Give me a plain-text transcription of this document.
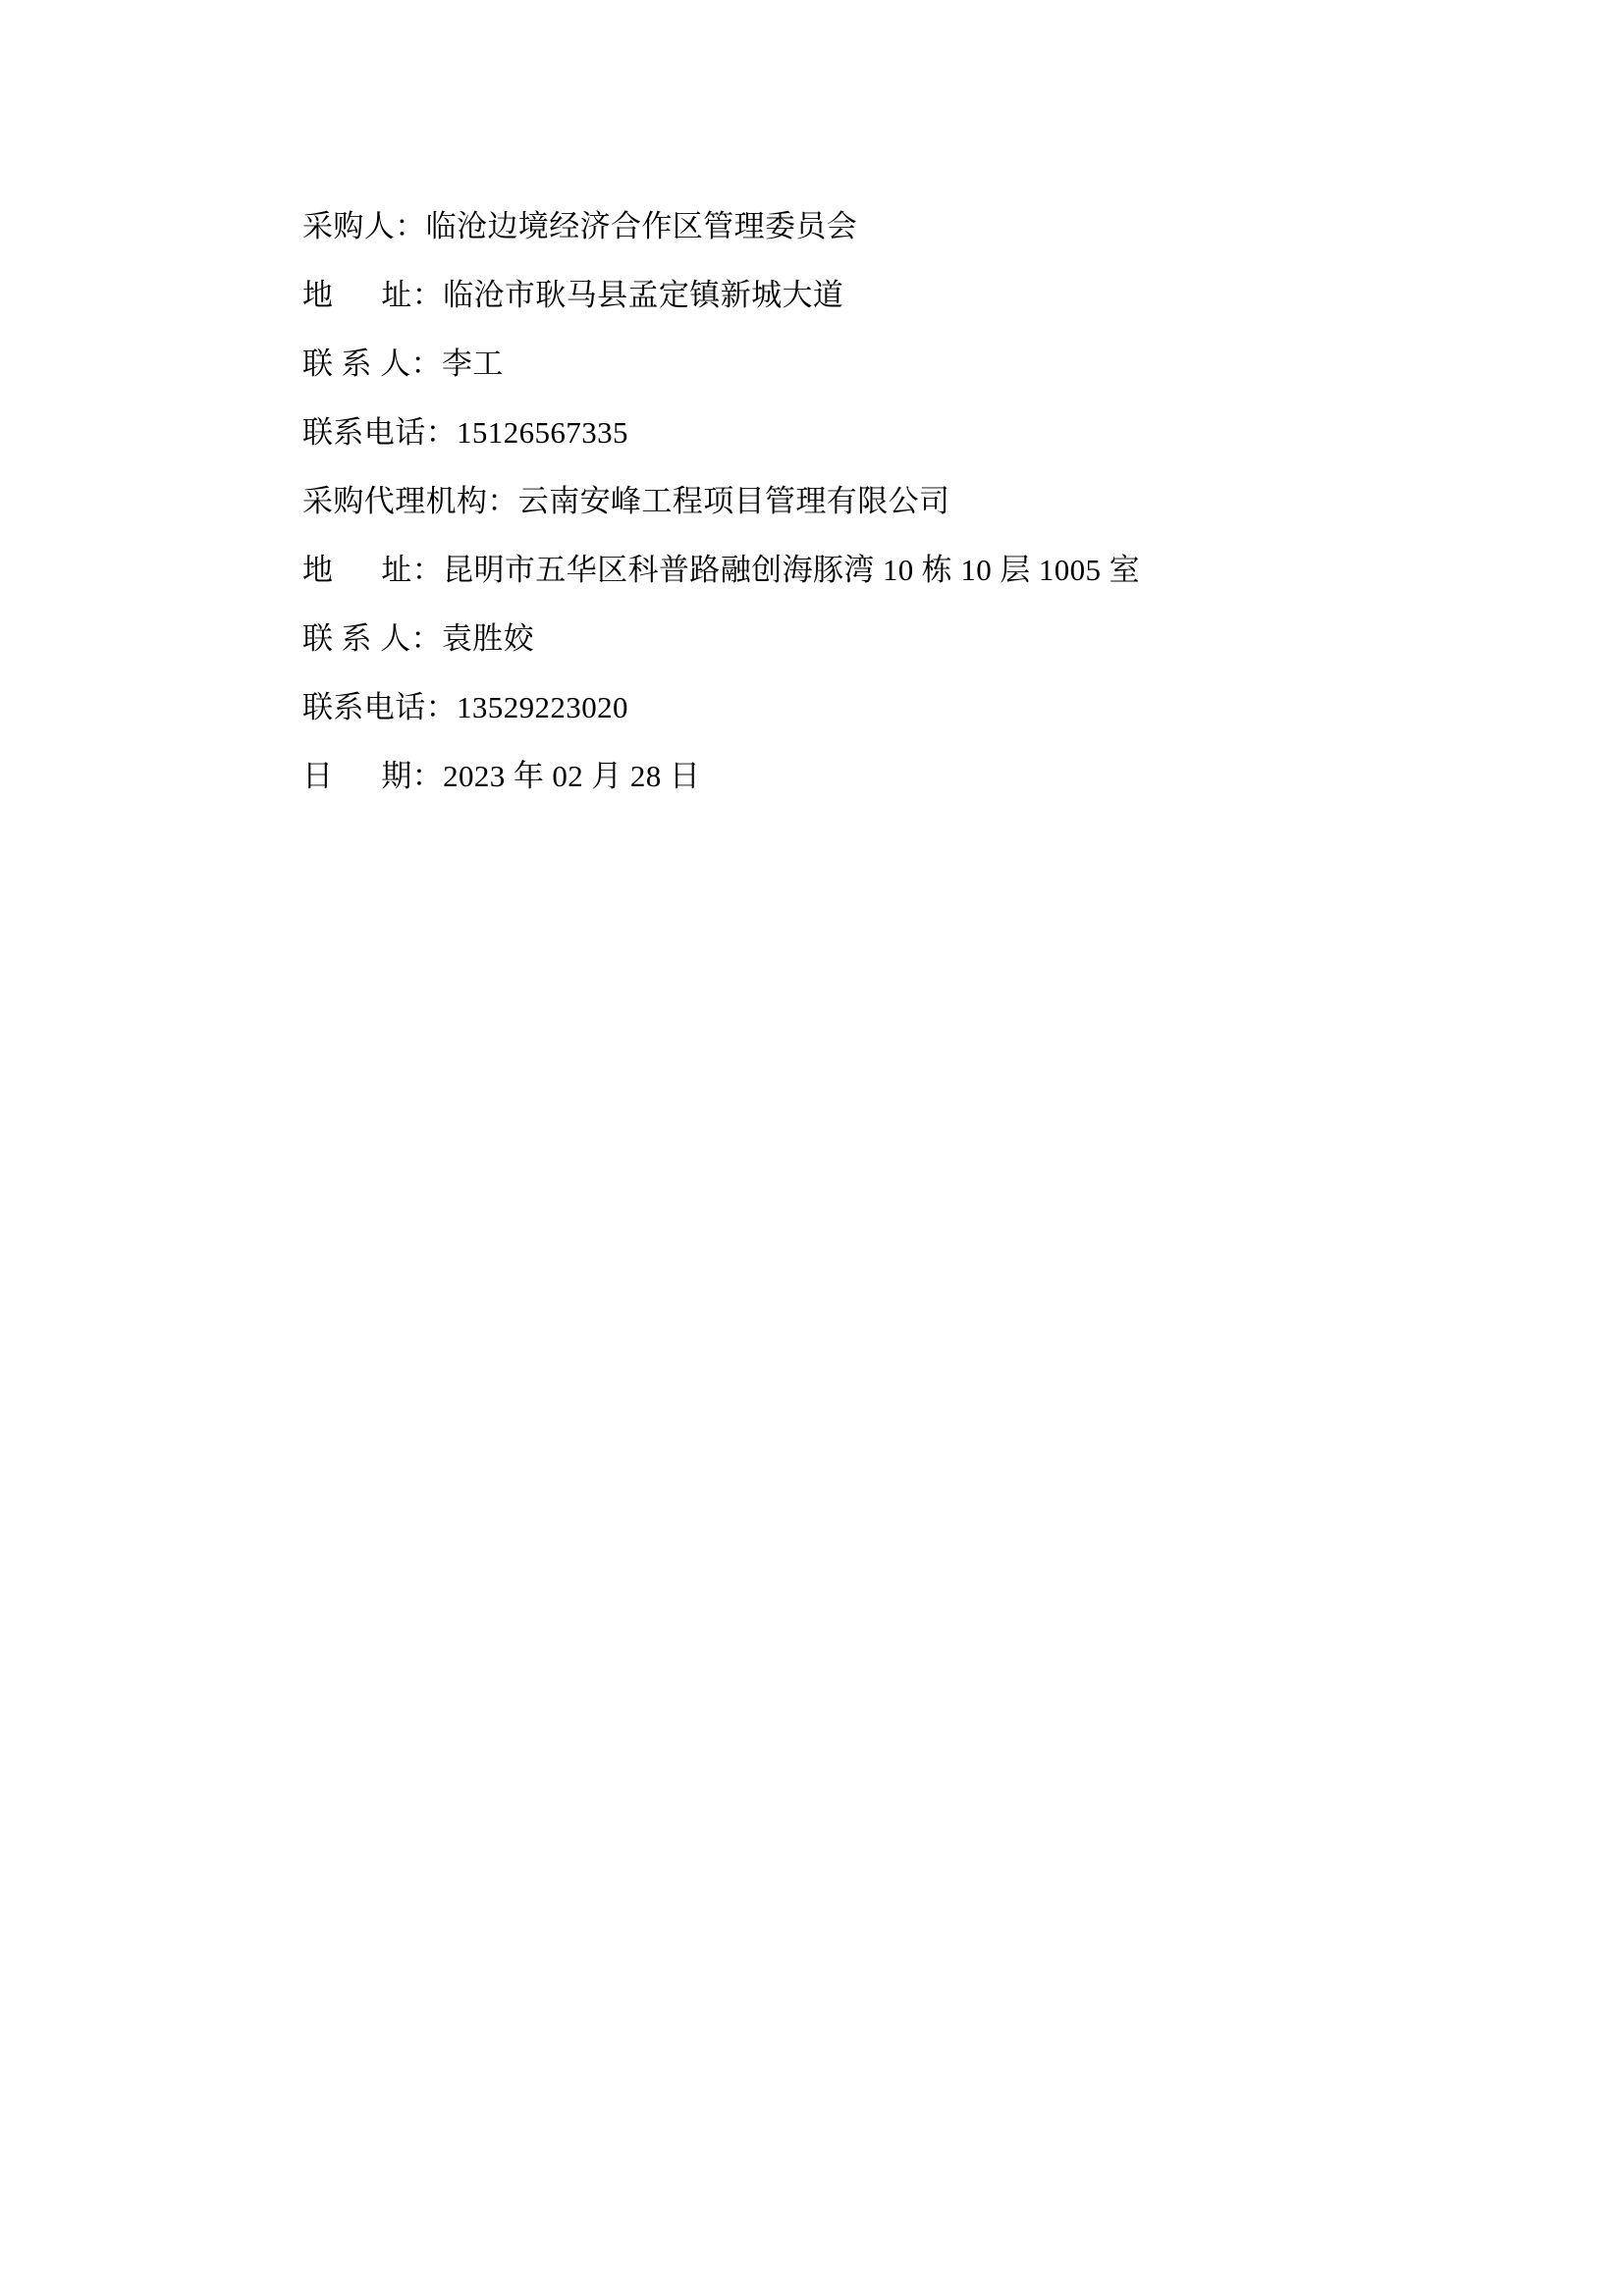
采购人：临沧边境经济合作区管理委员会
地      址：临沧市耿马县孟定镇新城大道
联 系 人：李工
联系电话：15126567335
采购代理机构：云南安峰工程项目管理有限公司
地      址：昆明市五华区科普路融创海豚湾 10 栋 10 层 1005 室
联 系 人：袁胜姣
联系电话：13529223020
日      期：2023 年 02 月 28 日
